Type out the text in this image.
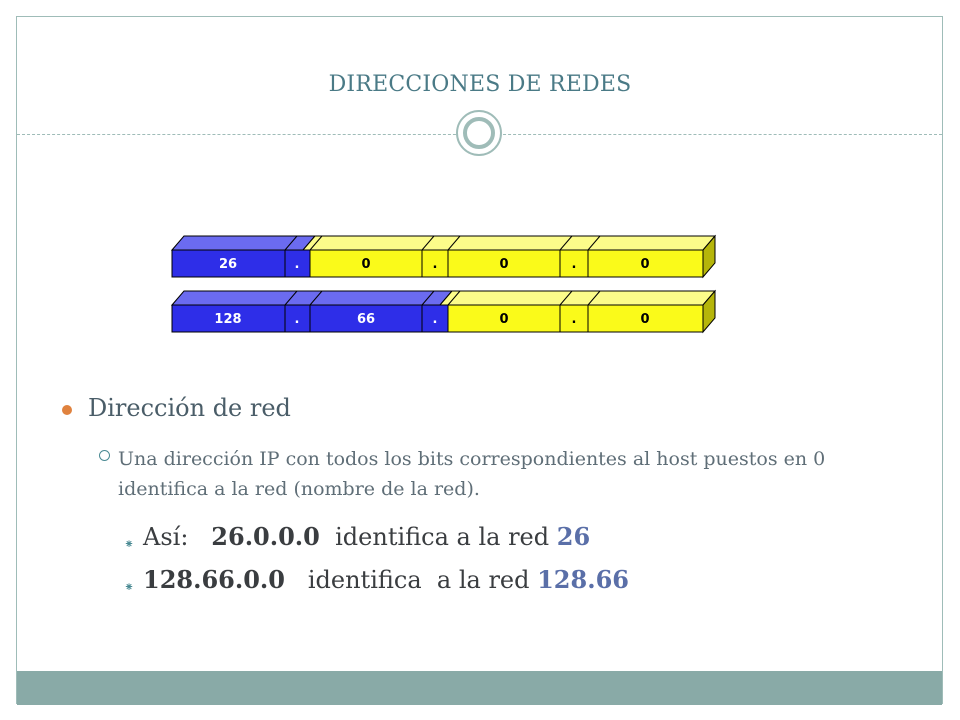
DIRECCIONES DE REDES
26	.	0	.	0	.	0
128	.	66	.	0	.	0
Dirección de red
Una dirección IP con todos los bits correspondientes al host puestos en 0 identifica a la red (nombre de la red).
⁕ Así:   26.0.0.0  identifica a la red 26
⁕ 128.66.0.0   identifica  a la red 128.66
